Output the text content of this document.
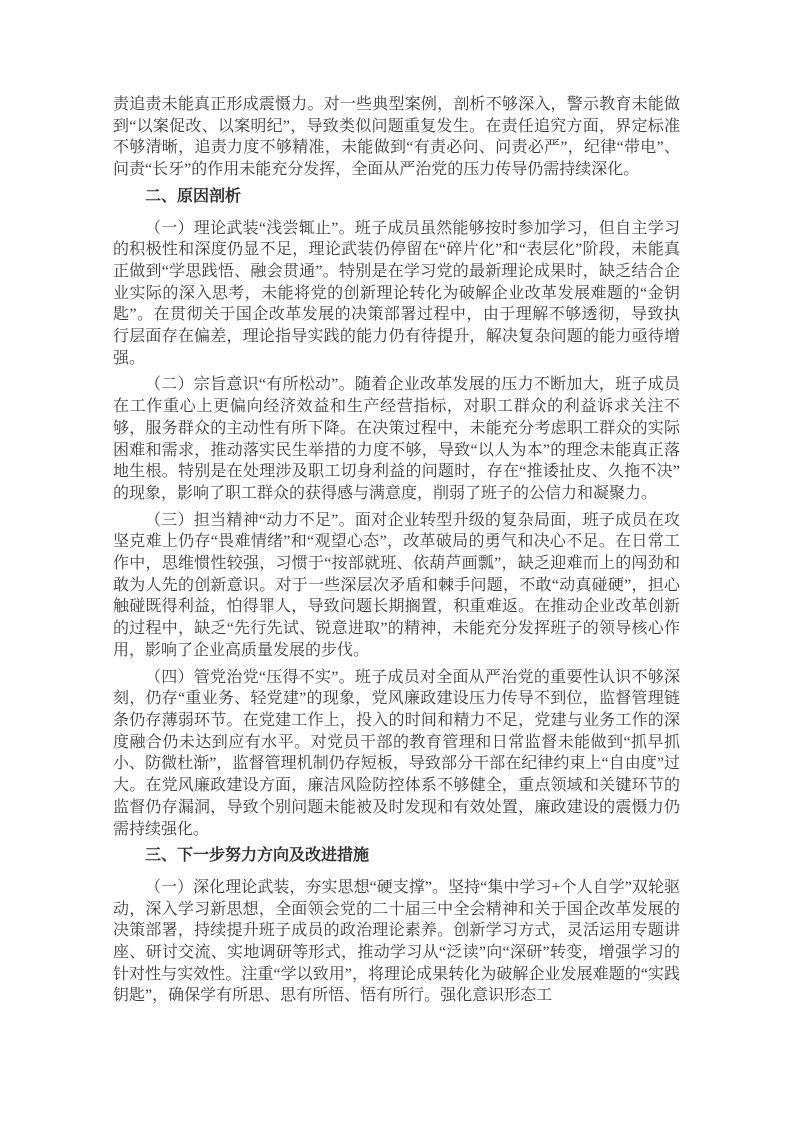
责追责未能真正形成震慑力。对一些典型案例，剖析不够深入，警示教育未能做到“以案促改、以案明纪”，导致类似问题重复发生。在责任追究方面，界定标准不够清晰，追责力度不够精准，未能做到“有责必问、问责必严”，纪律“带电”、问责“长牙”的作用未能充分发挥，全面从严治党的压力传导仍需持续深化。

二、原因剖析

（一）理论武装“浅尝辄止”。班子成员虽然能够按时参加学习，但自主学习的积极性和深度仍显不足，理论武装仍停留在“碎片化”和“表层化”阶段，未能真正做到“学思践悟、融会贯通”。特别是在学习党的最新理论成果时，缺乏结合企业实际的深入思考，未能将党的创新理论转化为破解企业改革发展难题的“金钥匙”。在贯彻关于国企改革发展的决策部署过程中，由于理解不够透彻，导致执行层面存在偏差，理论指导实践的能力仍有待提升，解决复杂问题的能力亟待增强。

（二）宗旨意识“有所松动”。随着企业改革发展的压力不断加大，班子成员在工作重心上更偏向经济效益和生产经营指标，对职工群众的利益诉求关注不够，服务群众的主动性有所下降。在决策过程中，未能充分考虑职工群众的实际困难和需求，推动落实民生举措的力度不够，导致“以人为本”的理念未能真正落地生根。特别是在处理涉及职工切身利益的问题时，存在“推诿扯皮、久拖不决”的现象，影响了职工群众的获得感与满意度，削弱了班子的公信力和凝聚力。

（三）担当精神“动力不足”。面对企业转型升级的复杂局面，班子成员在攻坚克难上仍存“畏难情绪”和“观望心态”，改革破局的勇气和决心不足。在日常工作中，思维惯性较强，习惯于“按部就班、依葫芦画瓢”，缺乏迎难而上的闯劲和敢为人先的创新意识。对于一些深层次矛盾和棘手问题，不敢“动真碰硬”，担心触碰既得利益，怕得罪人，导致问题长期搁置，积重难返。在推动企业改革创新的过程中，缺乏“先行先试、锐意进取”的精神，未能充分发挥班子的领导核心作用，影响了企业高质量发展的步伐。

（四）管党治党“压得不实”。班子成员对全面从严治党的重要性认识不够深刻，仍存“重业务、轻党建”的现象，党风廉政建设压力传导不到位，监督管理链条仍存薄弱环节。在党建工作上，投入的时间和精力不足，党建与业务工作的深度融合仍未达到应有水平。对党员干部的教育管理和日常监督未能做到“抓早抓小、防微杜渐”，监督管理机制仍存短板，导致部分干部在纪律约束上“自由度”过大。在党风廉政建设方面，廉洁风险防控体系不够健全，重点领域和关键环节的监督仍存漏洞，导致个别问题未能被及时发现和有效处置，廉政建设的震慑力仍需持续强化。

三、下一步努力方向及改进措施

（一）深化理论武装，夯实思想“硬支撑”。坚持“集中学习+个人自学”双轮驱动，深入学习新思想，全面领会党的二十届三中全会精神和关于国企改革发展的决策部署，持续提升班子成员的政治理论素养。创新学习方式，灵活运用专题讲座、研讨交流、实地调研等形式，推动学习从“泛读”向“深研”转变，增强学习的针对性与实效性。注重“学以致用”，将理论成果转化为破解企业发展难题的“实践钥匙”，确保学有所思、思有所悟、悟有所行。强化意识形态工
